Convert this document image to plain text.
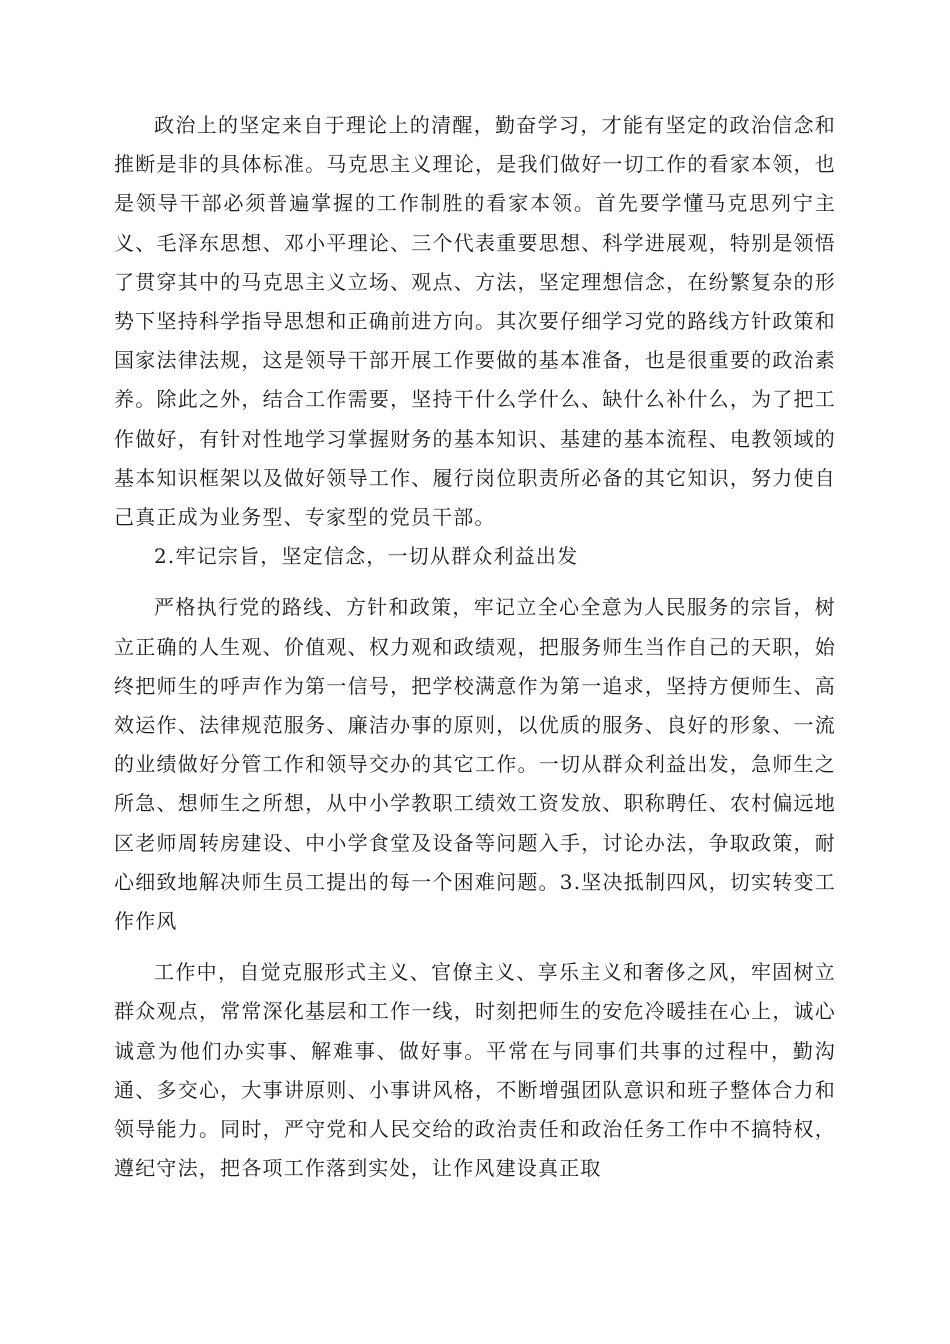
政治上的坚定来自于理论上的清醒，勤奋学习，才能有坚定的政治信念和推断是非的具体标准。马克思主义理论，是我们做好一切工作的看家本领，也是领导干部必须普遍掌握的工作制胜的看家本领。首先要学懂马克思列宁主义、毛泽东思想、邓小平理论、三个代表重要思想、科学进展观，特别是领悟了贯穿其中的马克思主义立场、观点、方法，坚定理想信念，在纷繁复杂的形势下坚持科学指导思想和正确前进方向。其次要仔细学习党的路线方针政策和国家法律法规，这是领导干部开展工作要做的基本准备，也是很重要的政治素养。除此之外，结合工作需要，坚持干什么学什么、缺什么补什么，为了把工作做好，有针对性地学习掌握财务的基本知识、基建的基本流程、电教领域的基本知识框架以及做好领导工作、履行岗位职责所必备的其它知识，努力使自己真正成为业务型、专家型的党员干部。

2.牢记宗旨，坚定信念，一切从群众利益出发

严格执行党的路线、方针和政策，牢记立全心全意为人民服务的宗旨，树立正确的人生观、价值观、权力观和政绩观，把服务师生当作自己的天职，始终把师生的呼声作为第一信号，把学校满意作为第一追求，坚持方便师生、高效运作、法律规范服务、廉洁办事的原则，以优质的服务、良好的形象、一流的业绩做好分管工作和领导交办的其它工作。一切从群众利益出发，急师生之所急、想师生之所想，从中小学教职工绩效工资发放、职称聘任、农村偏远地区老师周转房建设、中小学食堂及设备等问题入手，讨论办法，争取政策，耐心细致地解决师生员工提出的每一个困难问题。3.坚决抵制四风，切实转变工作作风

工作中，自觉克服形式主义、官僚主义、享乐主义和奢侈之风，牢固树立群众观点，常常深化基层和工作一线，时刻把师生的安危冷暖挂在心上，诚心诚意为他们办实事、解难事、做好事。平常在与同事们共事的过程中，勤沟通、多交心，大事讲原则、小事讲风格，不断增强团队意识和班子整体合力和领导能力。同时，严守党和人民交给的政治责任和政治任务工作中不搞特权，遵纪守法，把各项工作落到实处，让作风建设真正取
